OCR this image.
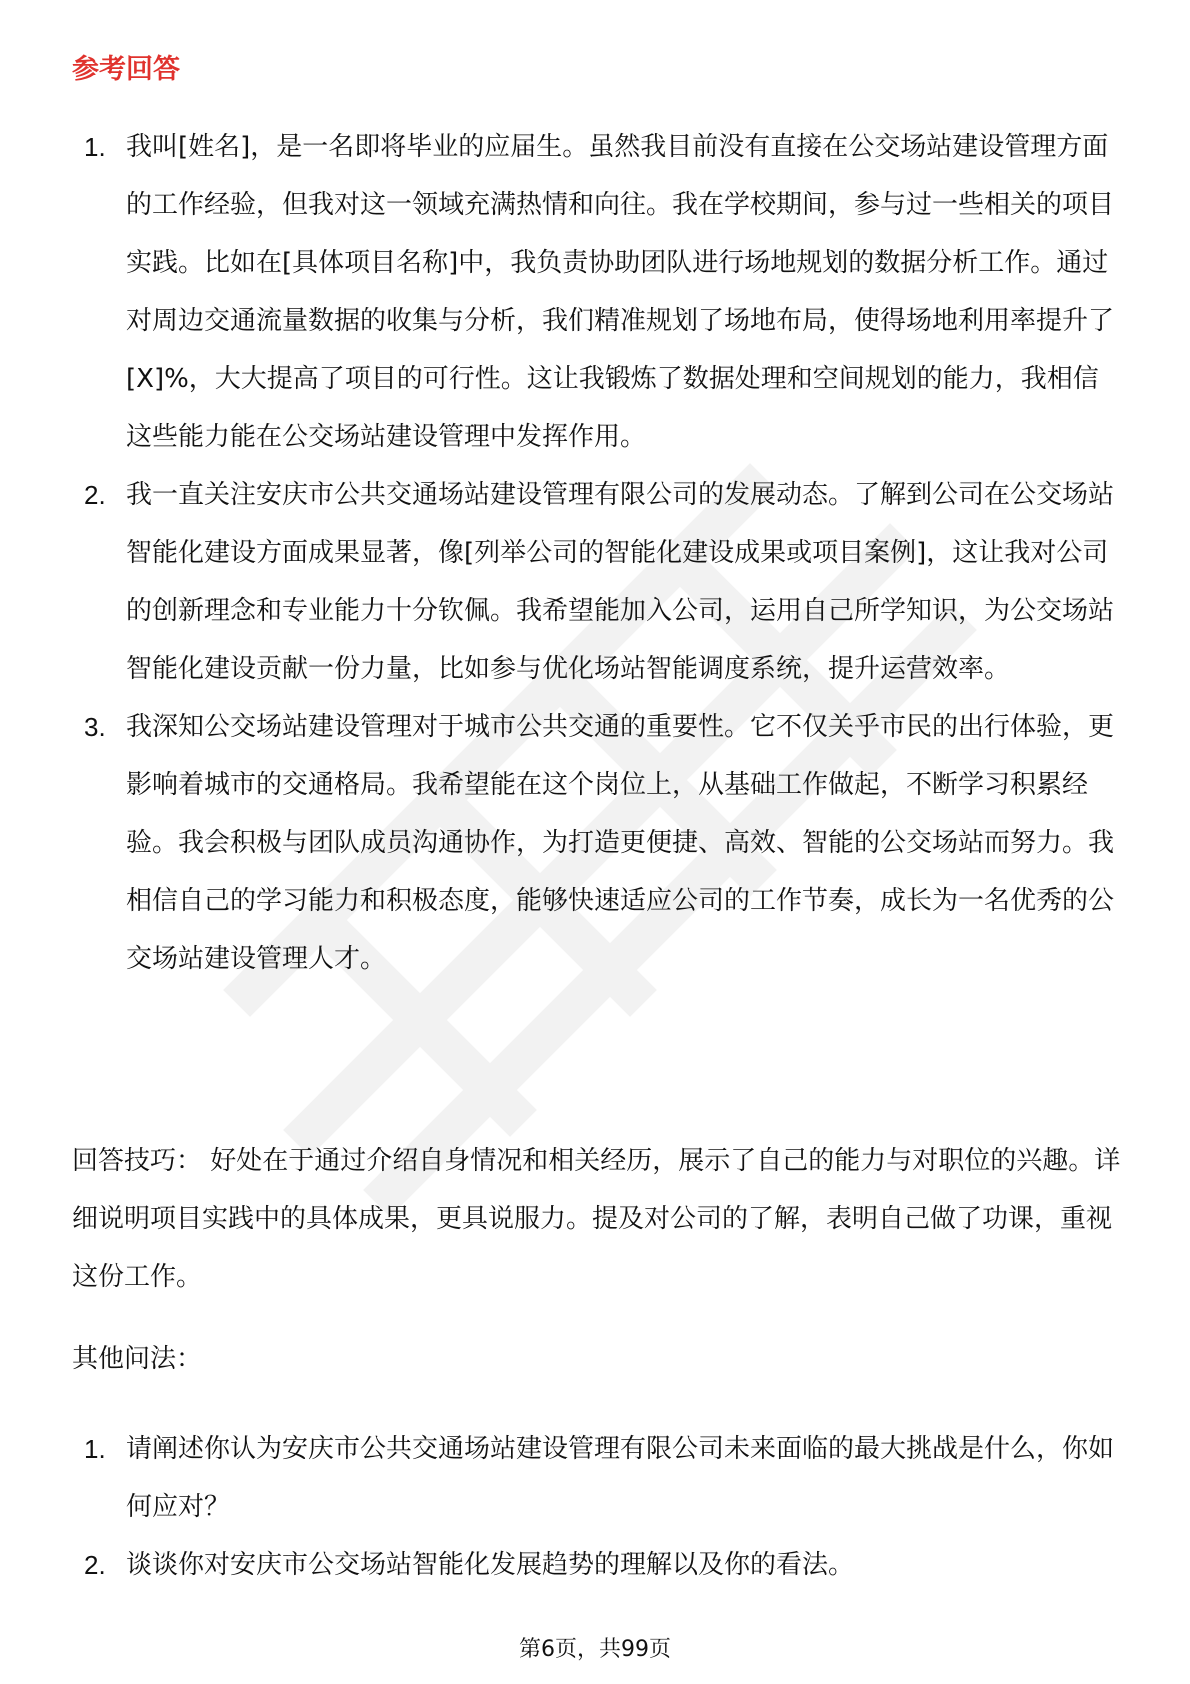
参考回答
1. 我叫[姓名]，是一名即将毕业的应届生。虽然我目前没有直接在公交场站建设管理方面的工作经验，但我对这一领域充满热情和向往。我在学校期间，参与过一些相关的项目实践。比如在[具体项目名称]中，我负责协助团队进行场地规划的数据分析工作。通过对周边交通流量数据的收集与分析，我们精准规划了场地布局，使得场地利用率提升了[X]%，大大提高了项目的可行性。这让我锻炼了数据处理和空间规划的能力，我相信这些能力能在公交场站建设管理中发挥作用。
2. 我一直关注安庆市公共交通场站建设管理有限公司的发展动态。了解到公司在公交场站智能化建设方面成果显著，像[列举公司的智能化建设成果或项目案例]，这让我对公司的创新理念和专业能力十分钦佩。我希望能加入公司，运用自己所学知识，为公交场站智能化建设贡献一份力量，比如参与优化场站智能调度系统，提升运营效率。
3. 我深知公交场站建设管理对于城市公共交通的重要性。它不仅关乎市民的出行体验，更影响着城市的交通格局。我希望能在这个岗位上，从基础工作做起，不断学习积累经验。我会积极与团队成员沟通协作，为打造更便捷、高效、智能的公交场站而努力。我相信自己的学习能力和积极态度，能够快速适应公司的工作节奏，成长为一名优秀的公交场站建设管理人才。
回答技巧： 好处在于通过介绍自身情况和相关经历，展示了自己的能力与对职位的兴趣。详细说明项目实践中的具体成果，更具说服力。提及对公司的了解，表明自己做了功课，重视这份工作。
其他问法：
1. 请阐述你认为安庆市公共交通场站建设管理有限公司未来面临的最大挑战是什么，你如何应对？
2. 谈谈你对安庆市公交场站智能化发展趋势的理解以及你的看法。
第6页，共99页
